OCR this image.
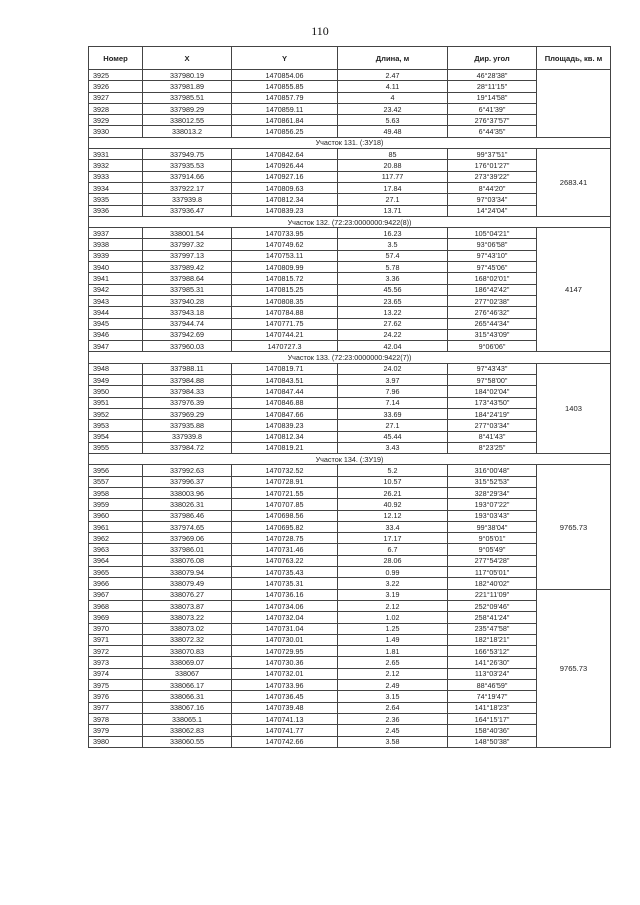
110
Номер	X	Y	Длина, м	Дир. угол	Площадь, кв. м
3925	337980.19	1470854.06	2.47	46°28'38"	
3926	337981.89	1470855.85	4.11	28°11'15"	
3927	337985.51	1470857.79	4	19°14'58"	
3928	337989.29	1470859.11	23.42	6°41'39"	
3929	338012.55	1470861.84	5.63	276°37'57"	
3930	338013.2	1470856.25	49.48	6°44'35"	
Участок 131. (:ЗУ18)					
3931	337949.75	1470842.64	85	99°37'51"	2683.41
3932	337935.53	1470926.44	20.88	176°01'27"	
3933	337914.66	1470927.16	117.77	273°39'22"	
3934	337922.17	1470809.63	17.84	8°44'20"	
3935	337939.8	1470812.34	27.1	97°03'34"	
3936	337936.47	1470839.23	13.71	14°24'04"	
Участок 132. (72:23:0000000:9422(8))					
3937	338001.54	1470733.95	16.23	105°04'21"	4147
3938	337997.32	1470749.62	3.5	93°06'58"	
3939	337997.13	1470753.11	57.4	97°43'10"	
3940	337989.42	1470809.99	5.78	97°45'06"	
3941	337988.64	1470815.72	3.36	168°02'01"	
3942	337985.31	1470815.25	45.56	186°42'42"	
3943	337940.28	1470808.35	23.65	277°02'38"	
3944	337943.18	1470784.88	13.22	276°46'32"	
3945	337944.74	1470771.75	27.62	265°44'34"	
3946	337942.69	1470744.21	24.22	315°43'09"	
3947	337960.03	1470727.3	42.04	9°06'06"	
Участок 133. (72:23:0000000:9422(7))					
3948	337988.11	1470819.71	24.02	97°43'43"	1403
3949	337984.88	1470843.51	3.97	97°58'00"	
3950	337984.33	1470847.44	7.96	184°02'04"	
3951	337976.39	1470846.88	7.14	173°43'50"	
3952	337969.29	1470847.66	33.69	184°24'19"	
3953	337935.88	1470839.23	27.1	277°03'34"	
3954	337939.8	1470812.34	45.44	8°41'43"	
3955	337984.72	1470819.21	3.43	8°23'25"	
Участок 134. (:ЗУ19)					
3956	337992.63	1470732.52	5.2	316°00'48"	9765.73
3557	337996.37	1470728.91	10.57	315°52'53"	
3958	338003.96	1470721.55	26.21	328°29'34"	
3959	338026.31	1470707.85	40.92	193°07'22"	
3960	337986.46	1470698.56	12.12	193°03'43"	
3961	337974.65	1470695.82	33.4	99°38'04"	
3962	337969.06	1470728.75	17.17	9°05'01"	
3963	337986.01	1470731.46	6.7	9°05'49"	
3964	338076.08	1470763.22	28.06	277°54'28"	
3965	338079.94	1470735.43	0.99	117°05'01"	
3966	338079.49	1470735.31	3.22	182°40'02"	
3967	338076.27	1470736.16	3.19	221°11'09"	9765.73
3968	338073.87	1470734.06	2.12	252°09'46"	
3969	338073.22	1470732.04	1.02	258°41'24"	
3970	338073.02	1470731.04	1.25	235°47'58"	
3971	338072.32	1470730.01	1.49	182°18'21"	
3972	338070.83	1470729.95	1.81	166°53'12"	
3973	338069.07	1470730.36	2.65	141°26'30"	
3974	338067	1470732.01	2.12	113°03'24"	
3975	338066.17	1470733.96	2.49	88°46'59"	
3976	338066.31	1470736.45	3.15	74°19'47"	
3977	338067.16	1470739.48	2.64	141°18'23"	
3978	338065.1	1470741.13	2.36	164°15'17"	
3979	338062.83	1470741.77	2.45	158°40'36"	
3980	338060.55	1470742.66	3.58	148°50'38"	
